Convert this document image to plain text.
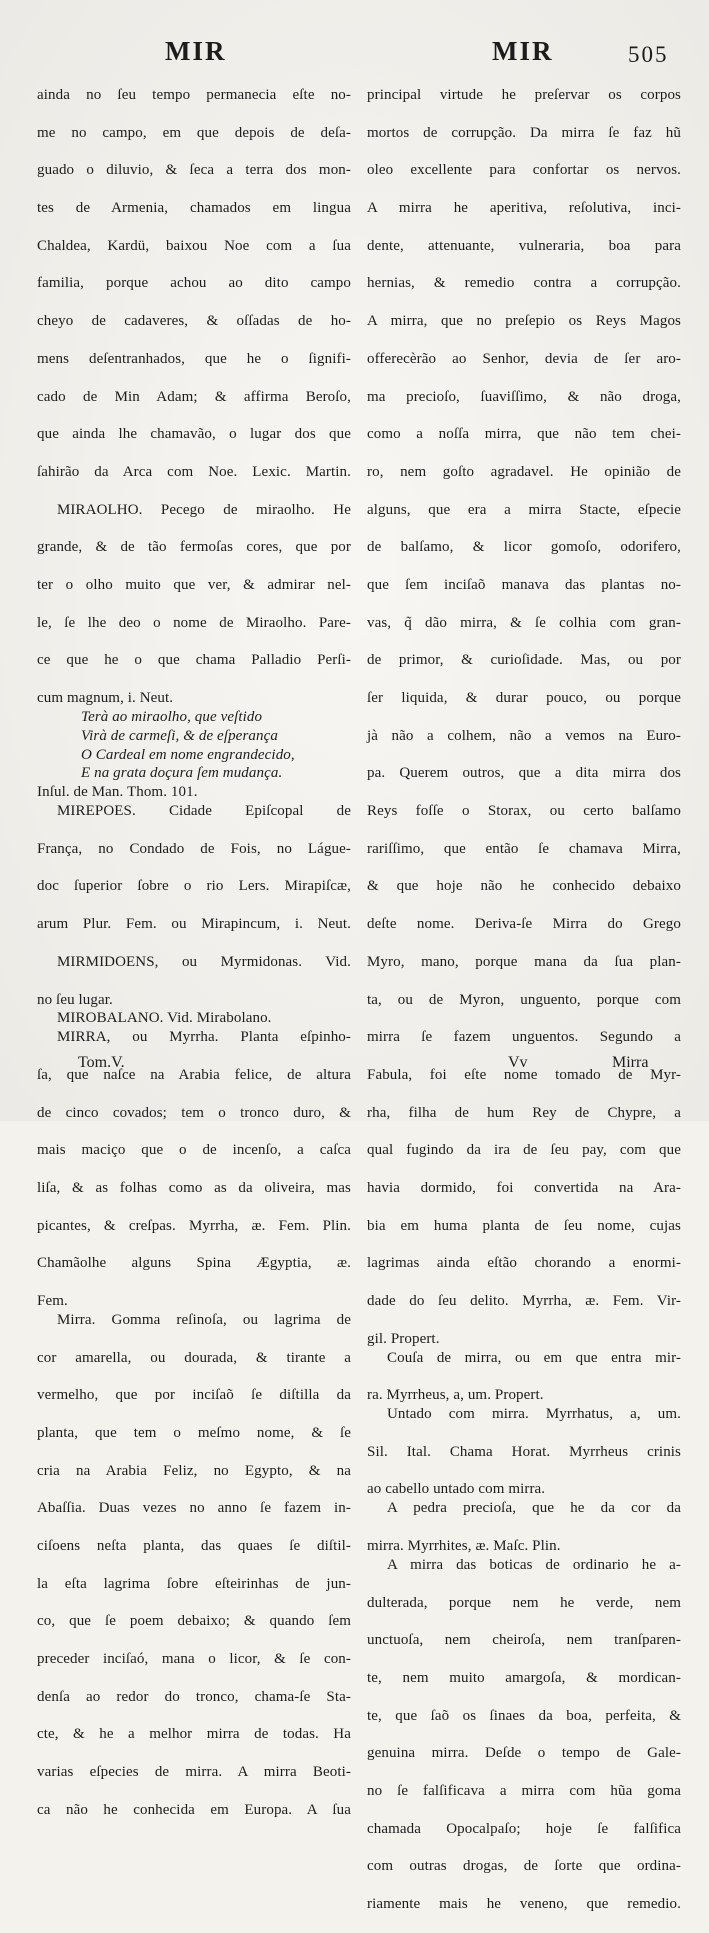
MIR	MIR	505
ainda no ſeu tempo permanecia eſte no-
me no campo, em que depois de deſa-
guado o diluvio, & ſeca a terra dos mon-
tes de Armenia, chamados em lingua
Chaldea, Kardü, baixou Noe com a ſua
familia, porque achou ao dito campo
cheyo de cadaveres, & oſſadas de ho-
mens deſentranhados, que he o ſignifi-
cado de Min Adam; & affirma Beroſo,
que ainda lhe chamavão, o lugar dos que
ſahirão da Arca com Noe. Lexic. Martin.
MIRAOLHO. Pecego de miraolho. He
grande, & de tão fermoſas cores, que por
ter o olho muito que ver, & admirar nel-
le, ſe lhe deo o nome de Miraolho. Pare-
ce que he o que chama Palladio Perſi-
cum magnum, i. Neut.
Terà ao miraolho, que veſtido
Virà de carmeſi, & de eſperança
O Cardeal em nome engrandecido,
E na grata doçura ſem mudança.
Inſul. de Man. Thom. 101.
MIREPOES. Cidade Epiſcopal de
França, no Condado de Fois, no Lágue-
doc ſuperior ſobre o rio Lers. Mirapiſcæ,
arum Plur. Fem. ou Mirapincum, i. Neut.
MIRMIDOENS, ou Myrmidonas. Vid.
no ſeu lugar.
MIROBALANO. Vid. Mirabolano.
MIRRA, ou Myrrha. Planta eſpinho-
ſa, que naſce na Arabia felice, de altura
de cinco covados; tem o tronco duro, &
mais maciço que o de incenſo, a caſca
liſa, & as folhas como as da oliveira, mas
picantes, & creſpas. Myrrha, æ. Fem. Plin.
Chamãolhe alguns Spina Ægyptia, æ.
Fem.
Mirra. Gomma reſinoſa, ou lagrima de
cor amarella, ou dourada, & tirante a
vermelho, que por inciſaõ ſe diſtilla da
planta, que tem o meſmo nome, & ſe
cria na Arabia Feliz, no Egypto, & na
Abaſſia. Duas vezes no anno ſe fazem in-
ciſoens neſta planta, das quaes ſe diſtil-
la eſta lagrima ſobre eſteirinhas de jun-
co, que ſe poem debaixo; & quando ſem
preceder inciſaó, mana o licor, & ſe con-
denſa ao redor do tronco, chama-ſe Sta-
cte, & he a melhor mirra de todas. Ha
varias eſpecies de mirra. A mirra Beoti-
ca não he conhecida em Europa. A ſua
principal virtude he preſervar os corpos
mortos de corrupção. Da mirra ſe faz hũ
oleo excellente para confortar os nervos.
A mirra he aperitiva, reſolutiva, inci-
dente, attenuante, vulneraria, boa para
hernias, & remedio contra a corrupção.
A mirra, que no preſepio os Reys Magos
offerecèrão ao Senhor, devia de ſer aro-
ma precioſo, ſuaviſſimo, & não droga,
como a noſſa mirra, que não tem chei-
ro, nem goſto agradavel. He opinião de
alguns, que era a mirra Stacte, eſpecie
de balſamo, & licor gomoſo, odorifero,
que ſem inciſaõ manava das plantas no-
vas, q̃ dão mirra, & ſe colhia com gran-
de primor, & curioſidade. Mas, ou por
ſer liquida, & durar pouco, ou porque
jà não a colhem, não a vemos na Euro-
pa. Querem outros, que a dita mirra dos
Reys foſſe o Storax, ou certo balſamo
rariſſimo, que então ſe chamava Mirra,
& que hoje não he conhecido debaixo
deſte nome. Deriva-ſe Mirra do Grego
Myro, mano, porque mana da ſua plan-
ta, ou de Myron, unguento, porque com
mirra ſe fazem unguentos. Segundo a
Fabula, foi eſte nome tomado de Myr-
rha, filha de hum Rey de Chypre, a
qual fugindo da ira de ſeu pay, com que
havia dormido, foi convertida na Ara-
bia em huma planta de ſeu nome, cujas
lagrimas ainda eſtão chorando a enormi-
dade do ſeu delito. Myrrha, æ. Fem. Vir-
gil. Propert.
Couſa de mirra, ou em que entra mir-
ra. Myrrheus, a, um. Propert.
Untado com mirra. Myrrhatus, a, um.
Sil. Ital. Chama Horat. Myrrheus crinis
ao cabello untado com mirra.
A pedra precioſa, que he da cor da
mirra. Myrrhites, æ. Maſc. Plin.
A mirra das boticas de ordinario he a-
dulterada, porque nem he verde, nem
unctuoſa, nem cheiroſa, nem tranſparen-
te, nem muito amargoſa, & mordican-
te, que ſaõ os ſinaes da boa, perfeita, &
genuina mirra. Deſde o tempo de Gale-
no ſe falſificava a mirra com hũa goma
chamada Opocalpaſo; hoje ſe falſifica
com outras drogas, de ſorte que ordina-
riamente mais he veneno, que remedio.
Tom.V.	Vv	Mirra
